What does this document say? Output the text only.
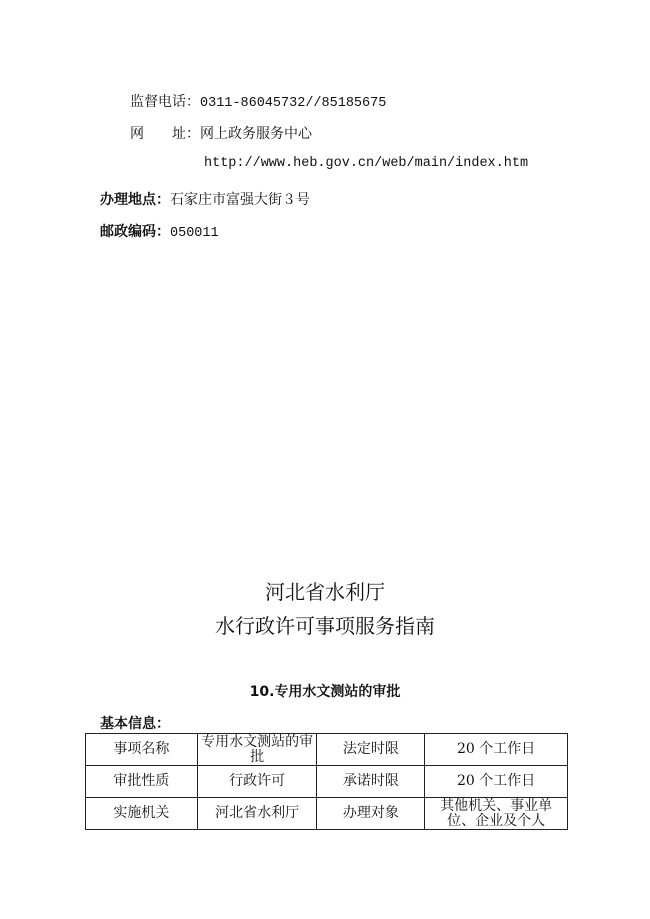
监督电话：0311-86045732//85185675
网　　址：网上政务服务中心
http://www.heb.gov.cn/web/main/index.htm
办理地点：石家庄市富强大街３号
邮政编码：050011
河北省水利厅
水行政许可事项服务指南
10.专用水文测站的审批
基本信息：
事项名称	专用水文测站的审批	法定时限	20 个工作日
审批性质	行政许可	承诺时限	20 个工作日
实施机关	河北省水利厅	办理对象	其他机关、事业单位、企业及个人
